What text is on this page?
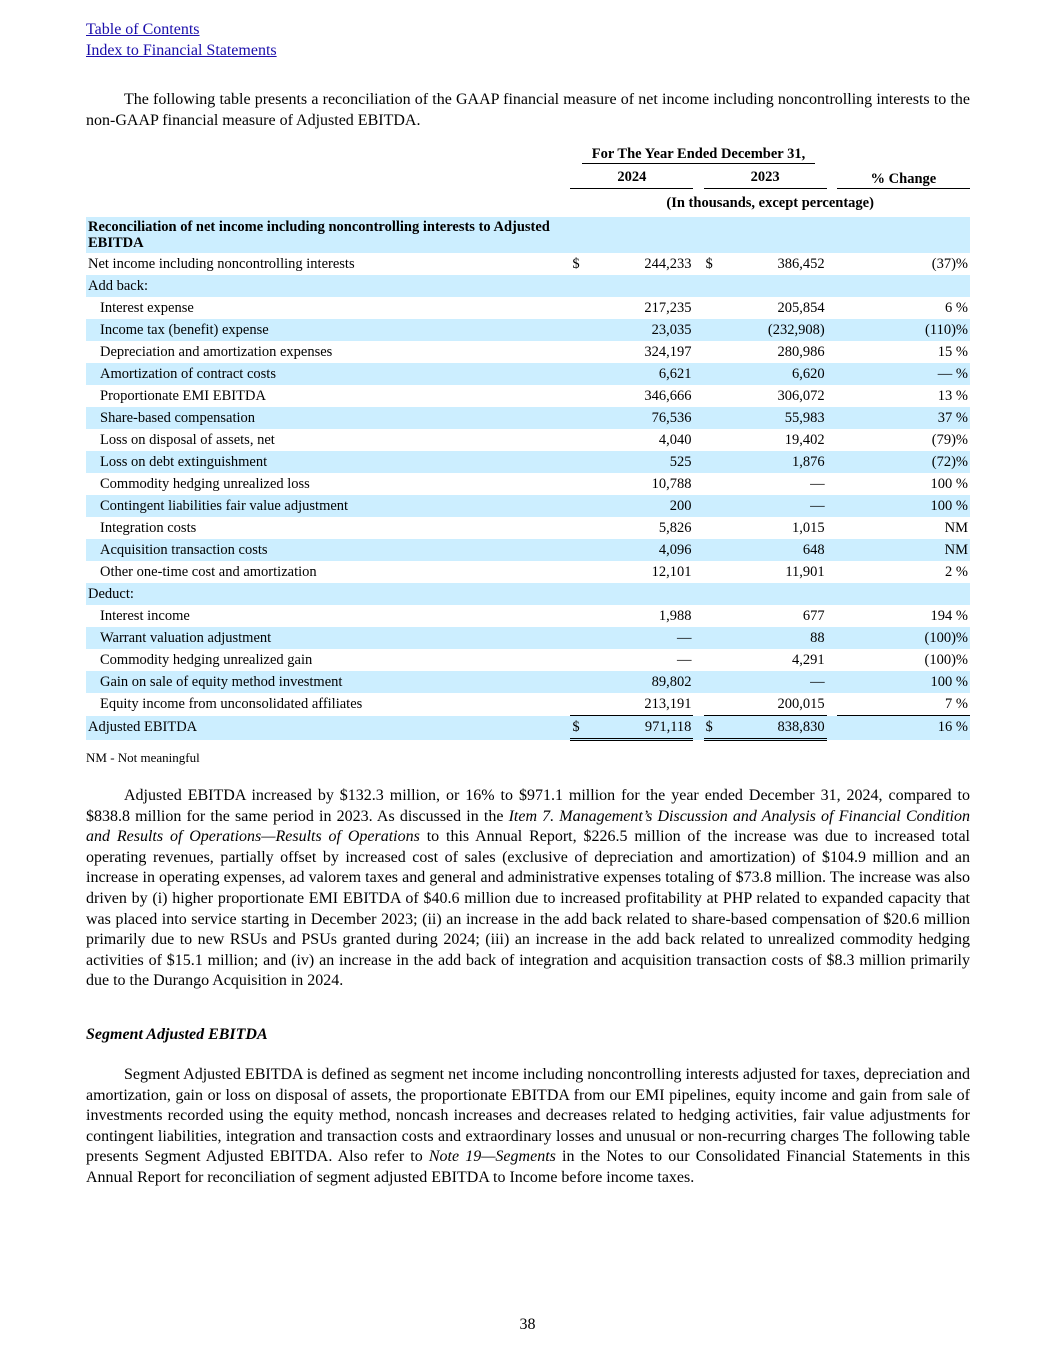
Table of Contents
Index to Financial Statements

The following table presents a reconciliation of the GAAP financial measure of net income including noncontrolling interests to the non-GAAP financial measure of Adjusted EBITDA.

	For The Year Ended December 31,						
	2024			2023			% Change
	(In thousands, except percentage)						
Reconciliation of net income including noncontrolling interests to Adjusted EBITDA							
Net income including noncontrolling interests	$	244,233		$	386,452		(37)%
Add back:							
Interest expense		217,235			205,854		6 %
Income tax (benefit) expense		23,035			(232,908)		(110)%
Depreciation and amortization expenses		324,197			280,986		15 %
Amortization of contract costs		6,621			6,620		— %
Proportionate EMI EBITDA		346,666			306,072		13 %
Share-based compensation		76,536			55,983		37 %
Loss on disposal of assets, net		4,040			19,402		(79)%
Loss on debt extinguishment		525			1,876		(72)%
Commodity hedging unrealized loss		10,788			—		100 %
Contingent liabilities fair value adjustment		200			—		100 %
Integration costs		5,826			1,015		NM
Acquisition transaction costs		4,096			648		NM
Other one-time cost and amortization		12,101			11,901		2 %
Deduct:							
Interest income		1,988			677		194 %
Warrant valuation adjustment		—			88		(100)%
Commodity hedging unrealized gain		—			4,291		(100)%
Gain on sale of equity method investment		89,802			—		100 %
Equity income from unconsolidated affiliates		213,191			200,015		7 %
Adjusted EBITDA	$	971,118		$	838,830		16 %
NM - Not meaningful

Adjusted EBITDA increased by $132.3 million, or 16% to $971.1 million for the year ended December 31, 2024, compared to $838.8 million for the same period in 2023. As discussed in the Item 7. Management’s Discussion and Analysis of Financial Condition and Results of Operations—Results of Operations to this Annual Report, $226.5 million of the increase was due to increased total operating revenues, partially offset by increased cost of sales (exclusive of depreciation and amortization) of $104.9 million and an increase in operating expenses, ad valorem taxes and general and administrative expenses totaling of $73.8 million. The increase was also driven by (i) higher proportionate EMI EBITDA of $40.6 million due to increased profitability at PHP related to expanded capacity that was placed into service starting in December 2023; (ii) an increase in the add back related to share-based compensation of $20.6 million primarily due to new RSUs and PSUs granted during 2024; (iii) an increase in the add back related to unrealized commodity hedging activities of $15.1 million; and (iv) an increase in the add back of integration and acquisition transaction costs of $8.3 million primarily due to the Durango Acquisition in 2024.

Segment Adjusted EBITDA

Segment Adjusted EBITDA is defined as segment net income including noncontrolling interests adjusted for taxes, depreciation and amortization, gain or loss on disposal of assets, the proportionate EBITDA from our EMI pipelines, equity income and gain from sale of investments recorded using the equity method, noncash increases and decreases related to hedging activities, fair value adjustments for contingent liabilities, integration and transaction costs and extraordinary losses and unusual or non-recurring charges The following table presents Segment Adjusted EBITDA. Also refer to Note 19—Segments in the Notes to our Consolidated Financial Statements in this Annual Report for reconciliation of segment adjusted EBITDA to Income before income taxes.

38
